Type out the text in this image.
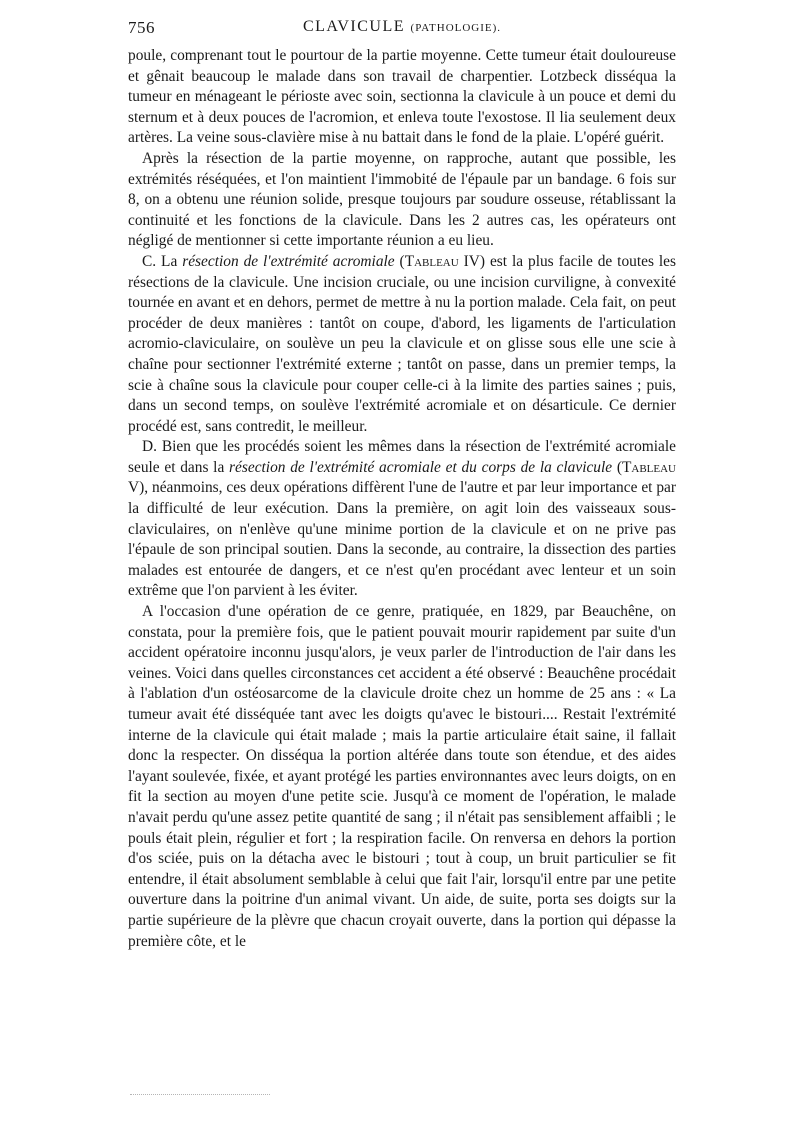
756	CLAVICULE (PATHOLOGIE).

poule, comprenant tout le pourtour de la partie moyenne. Cette tumeur était douloureuse et gênait beaucoup le malade dans son travail de charpentier. Lotzbeck disséqua la tumeur en ménageant le périoste avec soin, sectionna la clavicule à un pouce et demi du sternum et à deux pouces de l'acromion, et enleva toute l'exostose. Il lia seulement deux artères. La veine sous-clavière mise à nu battait dans le fond de la plaie. L'opéré guérit.

Après la résection de la partie moyenne, on rapproche, autant que possible, les extrémités réséquées, et l'on maintient l'immobité de l'épaule par un bandage. 6 fois sur 8, on a obtenu une réunion solide, presque toujours par soudure osseuse, rétablissant la continuité et les fonctions de la clavicule. Dans les 2 autres cas, les opérateurs ont négligé de mentionner si cette importante réunion a eu lieu.

C. La résection de l'extrémité acromiale (Tableau IV) est la plus facile de toutes les résections de la clavicule. Une incision cruciale, ou une incision curviligne, à convexité tournée en avant et en dehors, permet de mettre à nu la portion malade. Cela fait, on peut procéder de deux manières : tantôt on coupe, d'abord, les ligaments de l'articulation acromio-claviculaire, on soulève un peu la clavicule et on glisse sous elle une scie à chaîne pour sectionner l'extrémité externe ; tantôt on passe, dans un premier temps, la scie à chaîne sous la clavicule pour couper celle-ci à la limite des parties saines ; puis, dans un second temps, on soulève l'extrémité acromiale et on désarticule. Ce dernier procédé est, sans contredit, le meilleur.

D. Bien que les procédés soient les mêmes dans la résection de l'extrémité acromiale seule et dans la résection de l'extrémité acromiale et du corps de la clavicule (Tableau V), néanmoins, ces deux opérations diffèrent l'une de l'autre et par leur importance et par la difficulté de leur exécution. Dans la première, on agit loin des vaisseaux sous-claviculaires, on n'enlève qu'une minime portion de la clavicule et on ne prive pas l'épaule de son principal soutien. Dans la seconde, au contraire, la dissection des parties malades est entourée de dangers, et ce n'est qu'en procédant avec lenteur et un soin extrême que l'on parvient à les éviter.

A l'occasion d'une opération de ce genre, pratiquée, en 1829, par Beauchêne, on constata, pour la première fois, que le patient pouvait mourir rapidement par suite d'un accident opératoire inconnu jusqu'alors, je veux parler de l'introduction de l'air dans les veines. Voici dans quelles circonstances cet accident a été observé : Beauchêne procédait à l'ablation d'un ostéosarcome de la clavicule droite chez un homme de 25 ans : « La tumeur avait été disséquée tant avec les doigts qu'avec le bistouri.... Restait l'extrémité interne de la clavicule qui était malade ; mais la partie articulaire était saine, il fallait donc la respecter. On disséqua la portion altérée dans toute son étendue, et des aides l'ayant soulevée, fixée, et ayant protégé les parties environnantes avec leurs doigts, on en fit la section au moyen d'une petite scie. Jusqu'à ce moment de l'opération, le malade n'avait perdu qu'une assez petite quantité de sang ; il n'était pas sensiblement affaibli ; le pouls était plein, régulier et fort ; la respiration facile. On renversa en dehors la portion d'os sciée, puis on la détacha avec le bistouri ; tout à coup, un bruit particulier se fit entendre, il était absolument semblable à celui que fait l'air, lorsqu'il entre par une petite ouverture dans la poitrine d'un animal vivant. Un aide, de suite, porta ses doigts sur la partie supérieure de la plèvre que chacun croyait ouverte, dans la portion qui dépasse la première côte, et le
